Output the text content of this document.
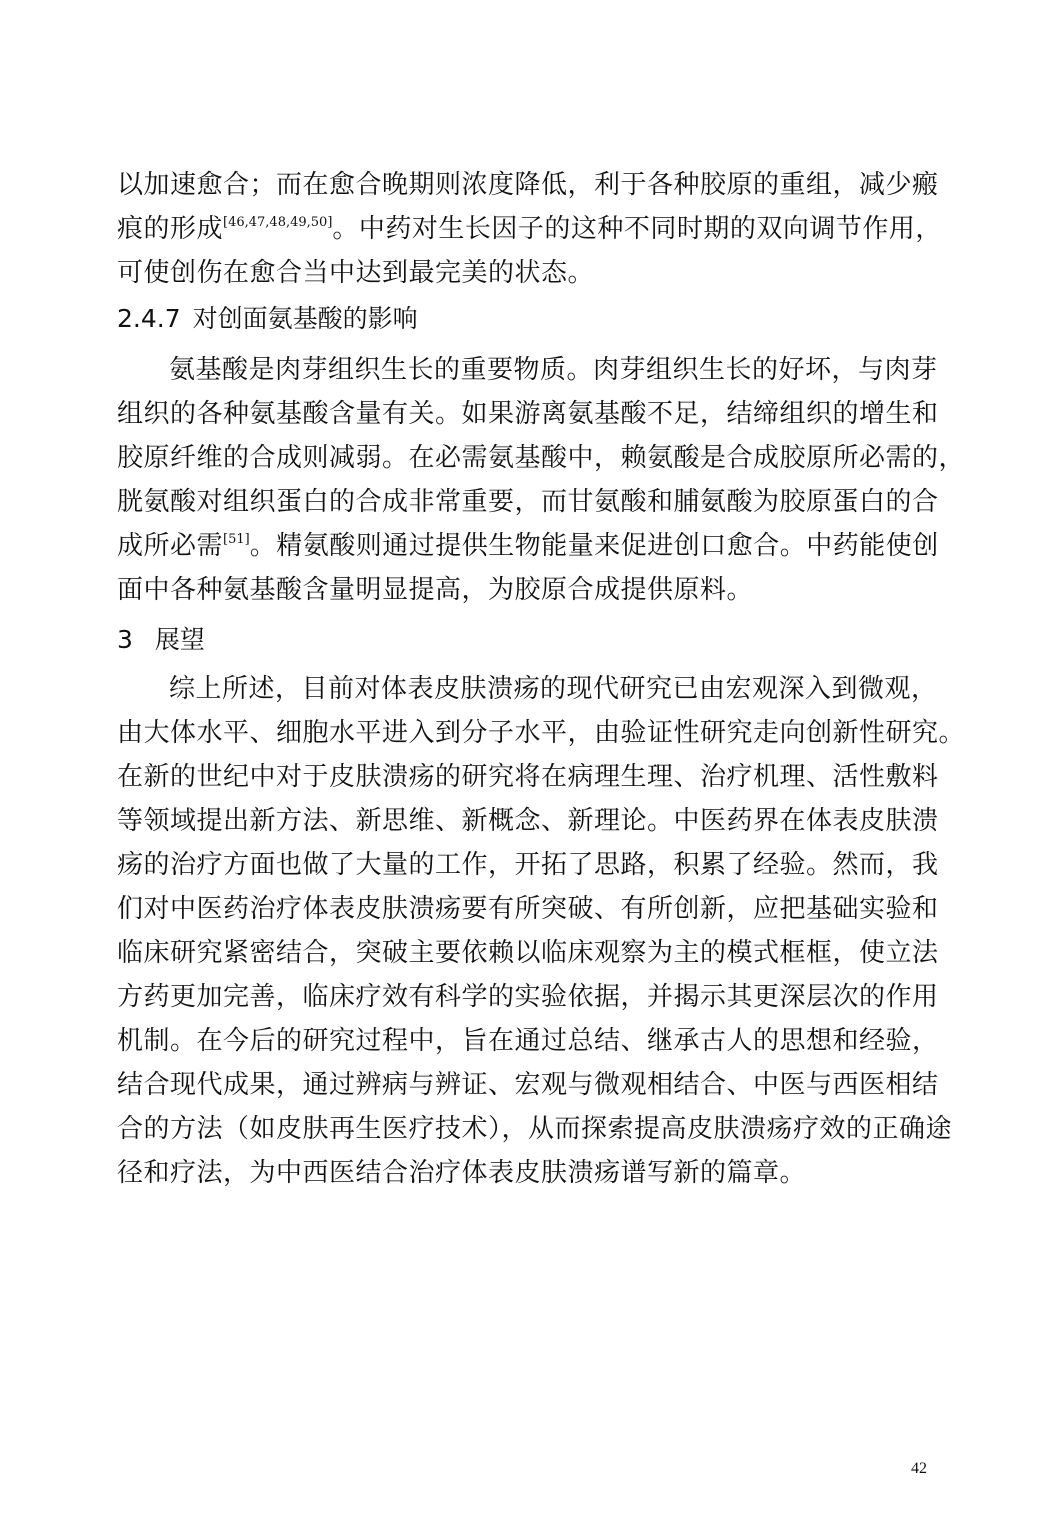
以加速愈合；而在愈合晚期则浓度降低，利于各种胶原的重组，减少瘢
痕的形成[46,47,48,49,50]。中药对生长因子的这种不同时期的双向调节作用，
可使创伤在愈合当中达到最完美的状态。
2.4.7 对创面氨基酸的影响
氨基酸是肉芽组织生长的重要物质。肉芽组织生长的好坏，与肉芽
组织的各种氨基酸含量有关。如果游离氨基酸不足，结缔组织的增生和
胶原纤维的合成则减弱。在必需氨基酸中，赖氨酸是合成胶原所必需的，
胱氨酸对组织蛋白的合成非常重要，而甘氨酸和脯氨酸为胶原蛋白的合
成所必需[51]。精氨酸则通过提供生物能量来促进创口愈合。中药能使创
面中各种氨基酸含量明显提高，为胶原合成提供原料。
3 展望
综上所述，目前对体表皮肤溃疡的现代研究已由宏观深入到微观，
由大体水平、细胞水平进入到分子水平，由验证性研究走向创新性研究。
在新的世纪中对于皮肤溃疡的研究将在病理生理、治疗机理、活性敷料
等领域提出新方法、新思维、新概念、新理论。中医药界在体表皮肤溃
疡的治疗方面也做了大量的工作，开拓了思路，积累了经验。然而，我
们对中医药治疗体表皮肤溃疡要有所突破、有所创新，应把基础实验和
临床研究紧密结合，突破主要依赖以临床观察为主的模式框框，使立法
方药更加完善，临床疗效有科学的实验依据，并揭示其更深层次的作用
机制。在今后的研究过程中，旨在通过总结、继承古人的思想和经验，
结合现代成果，通过辨病与辨证、宏观与微观相结合、中医与西医相结
合的方法（如皮肤再生医疗技术），从而探索提高皮肤溃疡疗效的正确途
径和疗法，为中西医结合治疗体表皮肤溃疡谱写新的篇章。
42
